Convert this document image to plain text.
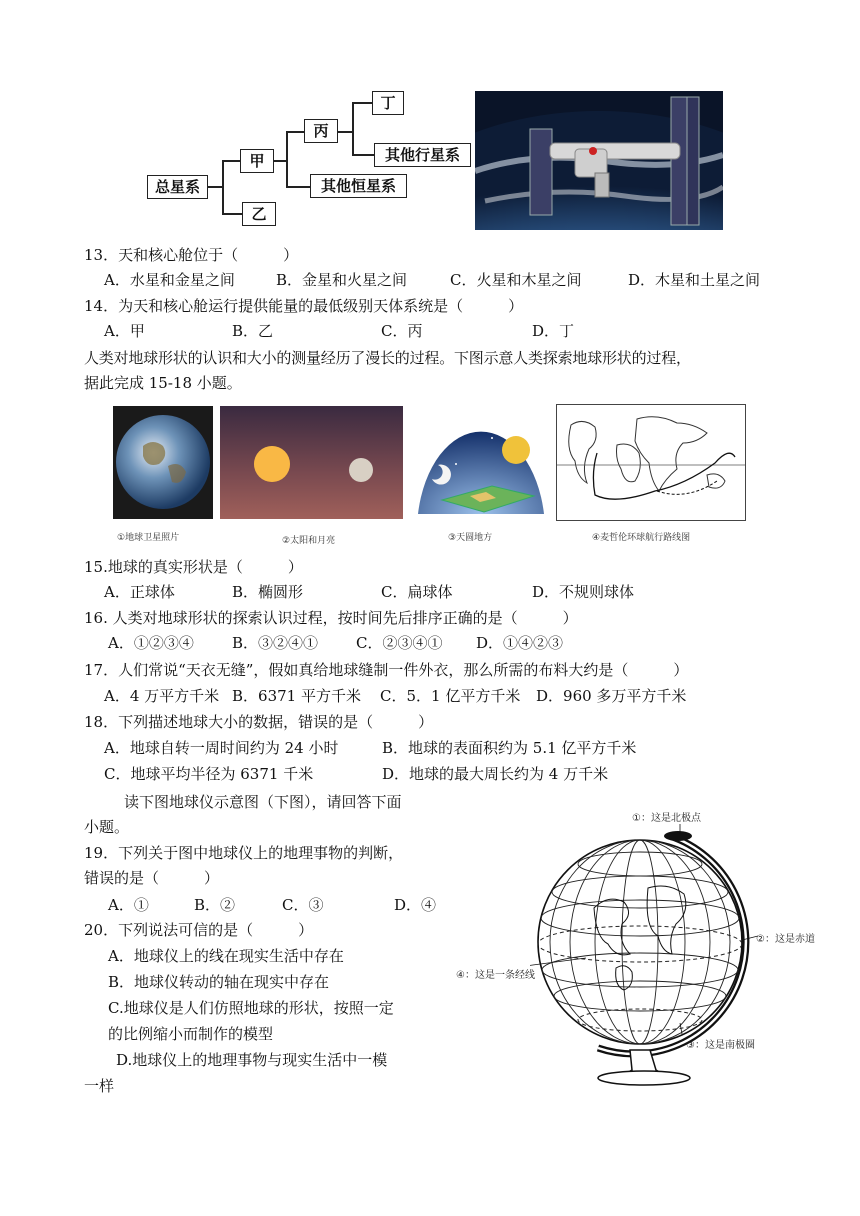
总星系
甲
乙
丙
丁
其他行星系
其他恒星系
13．天和核心舱位于（　　　）
A．水星和金星之间	B．金星和火星之间	C．火星和木星之间	D．木星和土星之间
14．为天和核心舱运行提供能量的最低级别天体系统是（　　　）
A．甲	B．乙	C．丙	D．丁
人类对地球形状的认识和大小的测量经历了漫长的过程。下图示意人类探索地球形状的过程，
据此完成 15-18 小题。
①地球卫星照片	②太阳和月亮	③天圆地方	④麦哲伦环球航行路线图
15.地球的真实形状是（　　　）
A．正球体	B．椭圆形	C．扁球体	D．不规则球体
16. 人类对地球形状的探索认识过程，按时间先后排序正确的是（　　　）
A．①②③④	B．③②④①	C．②③④① D．①④②③
17．人们常说“天衣无缝”，假如真给地球缝制一件外衣，那么所需的布料大约是（　　　）
A．4 万平方千米 B．6371 平方千米 C．5．1 亿平方千米 D．960 多万平方千米
18．下列描述地球大小的数据，错误的是（　　　）
A．地球自转一周时间约为 24 小时	B．地球的表面积约为 5.1 亿平方千米
C．地球平均半径为 6371 千米	D．地球的最大周长约为 4 万千米
读下图地球仪示意图（下图），请回答下面
小题。
19．下列关于图中地球仪上的地理事物的判断，
错误的是（　　　）
A．①	B．②	C．③	D．④
20．下列说法可信的是（　　　）
A．地球仪上的线在现实生活中存在
B．地球仪转动的轴在现实中存在
C.地球仪是人们仿照地球的形状，按照一定
的比例缩小而制作的模型
D.地球仪上的地理事物与现实生活中一模
一样
①：这是北极点
②：这是赤道
③：这是南极圈
④：这是一条经线
